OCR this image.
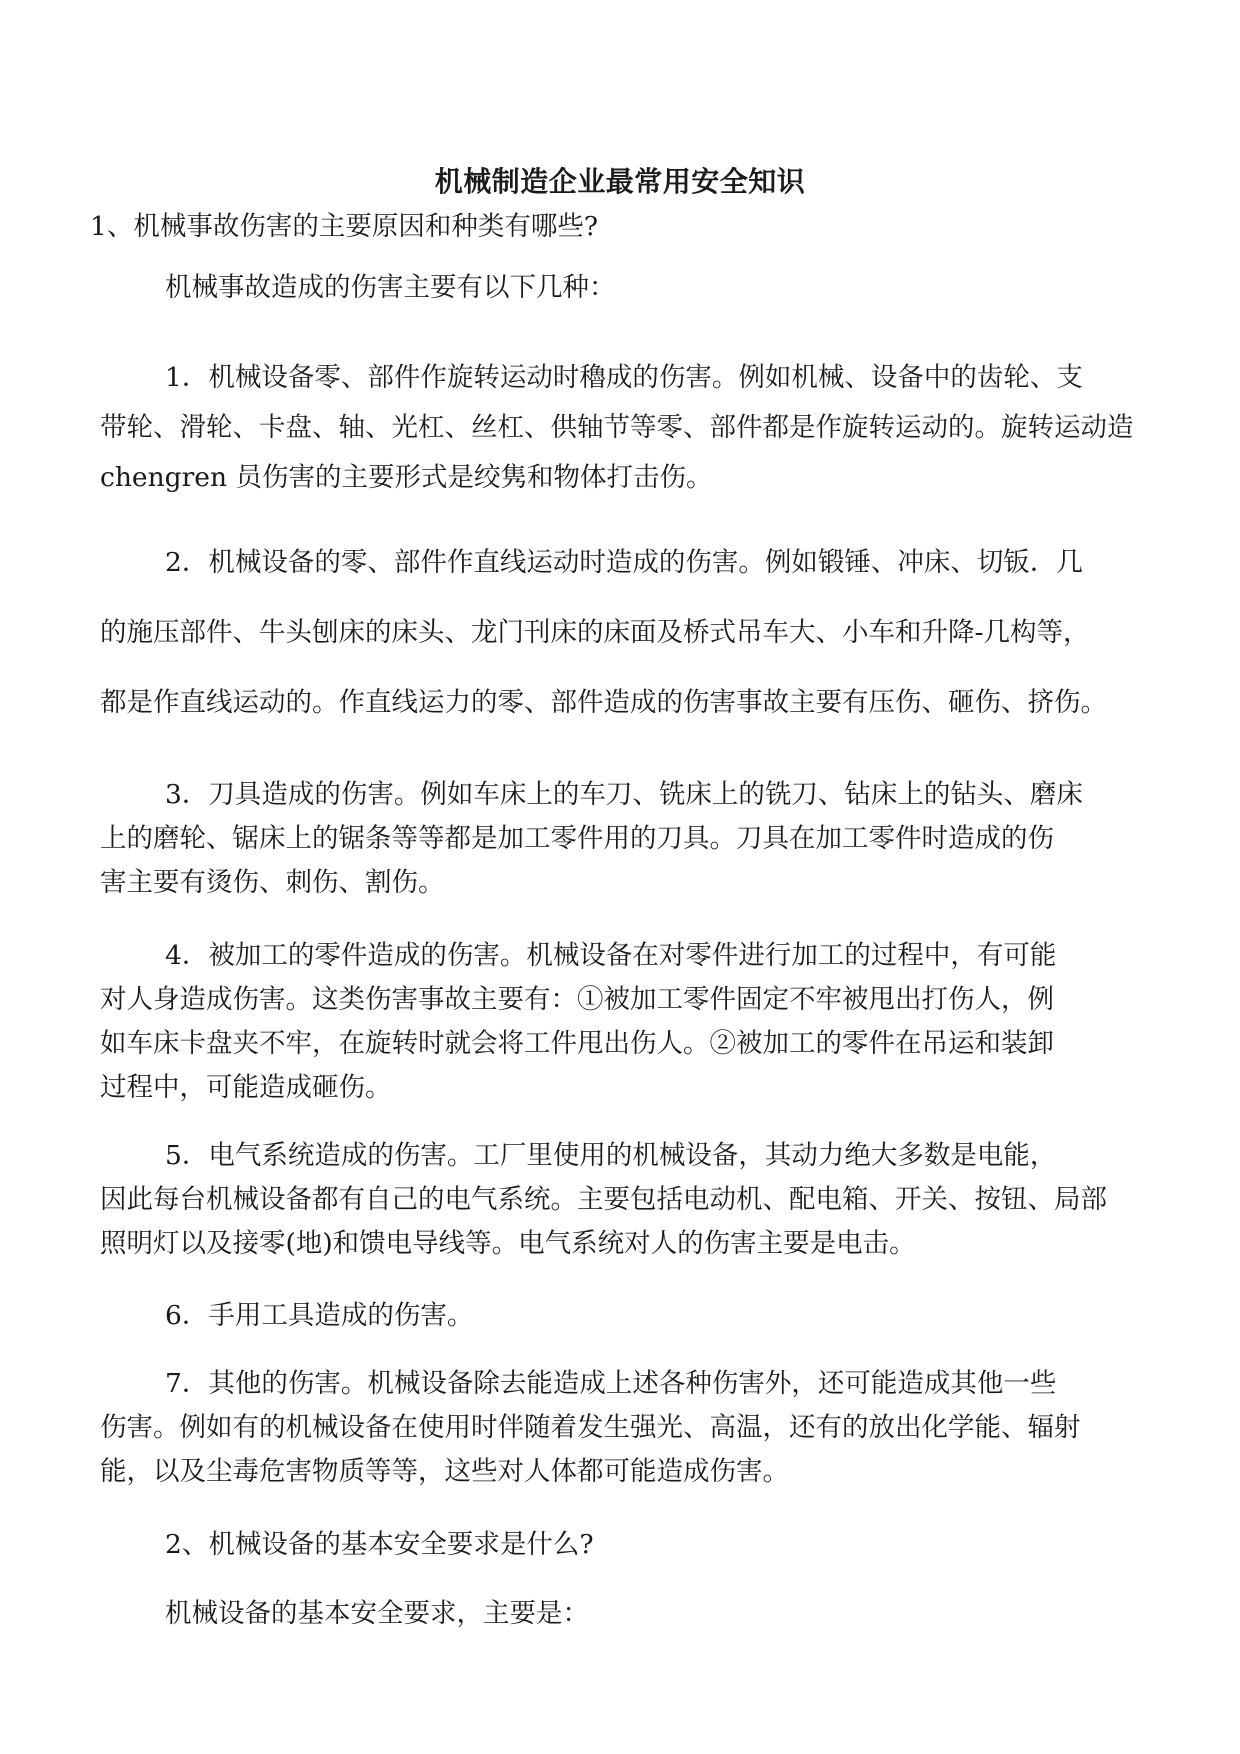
机械制造企业最常用安全知识

1、机械事故伤害的主要原因和种类有哪些?

机械事故造成的伤害主要有以下几种：

1．机械设备零、部件作旋转运动时穭成的伤害。例如机械、设备中的齿轮、支
带轮、滑轮、卡盘、轴、光杠、丝杠、供轴节等零、部件都是作旋转运动的。旋转运动造
chengren 员伤害的主要形式是绞隽和物体打击伤。
2．机械设备的零、部件作直线运动时造成的伤害。例如锻锤、冲床、切钣．几
的施压部件、牛头刨床的床头、龙门刊床的床面及桥式吊车大、小车和升降-几构等，
都是作直线运动的。作直线运力的零、部件造成的伤害事故主要有压伤、砸伤、挤伤。
3．刀具造成的伤害。例如车床上的车刀、铣床上的铣刀、钻床上的钻头、磨床
上的磨轮、锯床上的锯条等等都是加工零件用的刀具。刀具在加工零件时造成的伤
害主要有烫伤、刺伤、割伤。
4．被加工的零件造成的伤害。机械设备在对零件进行加工的过程中，有可能
对人身造成伤害。这类伤害事故主要有：①被加工零件固定不牢被甩出打伤人，例
如车床卡盘夹不牢，在旋转时就会将工件甩出伤人。②被加工的零件在吊运和装卸
过程中，可能造成砸伤。
5．电气系统造成的伤害。工厂里使用的机械设备，其动力绝大多数是电能，
因此每台机械设备都有自己的电气系统。主要包括电动机、配电箱、开关、按钮、局部
照明灯以及接零(地)和馈电导线等。电气系统对人的伤害主要是电击。
6．手用工具造成的伤害。
7．其他的伤害。机械设备除去能造成上述各种伤害外，还可能造成其他一些
伤害。例如有的机械设备在使用时伴随着发生强光、高温，还有的放出化学能、辐射
能，以及尘毒危害物质等等，这些对人体都可能造成伤害。

2、机械设备的基本安全要求是什么?

机械设备的基本安全要求，主要是：
